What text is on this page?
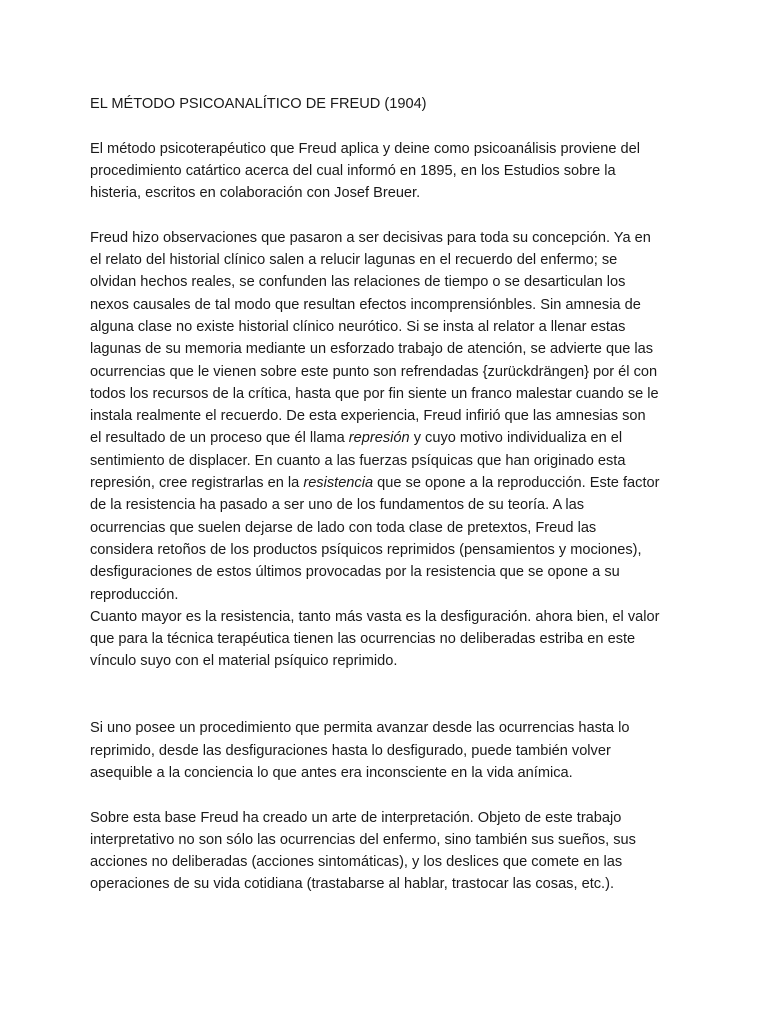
EL MÉTODO PSICOANALÍTICO DE FREUD (1904)

El método psicoterapéutico que Freud aplica y deine como psicoanálisis proviene del
procedimiento catártico acerca del cual informó en 1895, en los Estudios sobre la
histeria, escritos en colaboración con Josef Breuer.

Freud hizo observaciones que pasaron a ser decisivas para toda su concepción. Ya en
el relato del historial clínico salen a relucir lagunas en el recuerdo del enfermo; se
olvidan hechos reales, se confunden las relaciones de tiempo o se desarticulan los
nexos causales de tal modo que resultan efectos incomprensiónbles. Sin amnesia de
alguna clase no existe historial clínico neurótico. Si se insta al relator a llenar estas
lagunas de su memoria mediante un esforzado trabajo de atención, se advierte que las
ocurrencias que le vienen sobre este punto son refrendadas {zurückdrängen} por él con
todos los recursos de la crítica, hasta que por fin siente un franco malestar cuando se le
instala realmente el recuerdo. De esta experiencia, Freud infirió que las amnesias son
el resultado de un proceso que él llama represión y cuyo motivo individualiza en el
sentimiento de displacer. En cuanto a las fuerzas psíquicas que han originado esta
represión, cree registrarlas en la resistencia que se opone a la reproducción. Este factor
de la resistencia ha pasado a ser uno de los fundamentos de su teoría. A las
ocurrencias que suelen dejarse de lado con toda clase de pretextos, Freud las
considera retoños de los productos psíquicos reprimidos (pensamientos y mociones),
desfiguraciones de estos últimos provocadas por la resistencia que se opone a su
reproducción.
Cuanto mayor es la resistencia, tanto más vasta es la desfiguración. ahora bien, el valor
que para la técnica terapéutica tienen las ocurrencias no deliberadas estriba en este
vínculo suyo con el material psíquico reprimido.

Si uno posee un procedimiento que permita avanzar desde las ocurrencias hasta lo
reprimido, desde las desfiguraciones hasta lo desfigurado, puede también volver
asequible a la conciencia lo que antes era inconsciente en la vida anímica.

Sobre esta base Freud ha creado un arte de interpretación. Objeto de este trabajo
interpretativo no son sólo las ocurrencias del enfermo, sino también sus sueños, sus
acciones no deliberadas (acciones sintomáticas), y los deslices que comete en las
operaciones de su vida cotidiana (trastabarse al hablar, trastocar las cosas, etc.).
